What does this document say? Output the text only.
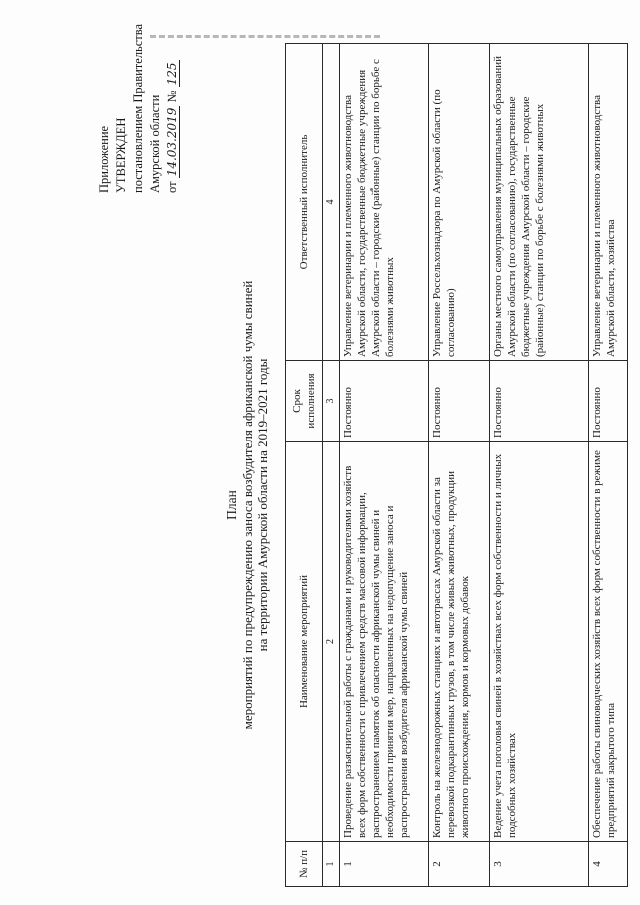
Приложение УТВЕРЖДЕН постановлением Правительства Амурской области от 14.03.2019 № 125
План мероприятий по предупреждению заноса возбудителя африканской чумы свиней на территории Амурской области на 2019–2021 годы
№ п/п	Наименование мероприятий	Срок исполнения	Ответственный исполнитель
1	2	3	4
1	Проведение разъяснительной работы с гражданами и руководителями хозяйств всех форм собственности с привлечением средств массовой информации, распространением памяток об опасности африканской чумы свиней и необходимости принятия мер, направленных на недопущение заноса и распространения возбудителя африканской чумы свиней	Постоянно	Управление ветеринарии и племенного животноводства Амурской области, государственные бюджетные учреждения Амурской области – городские (районные) станции по борьбе с болезнями животных
2	Контроль на железнодорожных станциях и автотрассах Амурской области за перевозкой подкарантинных грузов, в том числе живых животных, продукции животного происхождения, кормов и кормовых добавок	Постоянно	Управление Россельхознадзора по Амурской области (по согласованию)
3	Ведение учета поголовья свиней в хозяйствах всех форм собственности и личных подсобных хозяйствах	Постоянно	Органы местного самоуправления муниципальных образований Амурской области (по согласованию), государственные бюджетные учреждения Амурской области – городские (районные) станции по борьбе с болезнями животных
4	Обеспечение работы свиноводческих хозяйств всех форм собственности в режиме предприятий закрытого типа	Постоянно	Управление ветеринарии и племенного животноводства Амурской области, хозяйства
